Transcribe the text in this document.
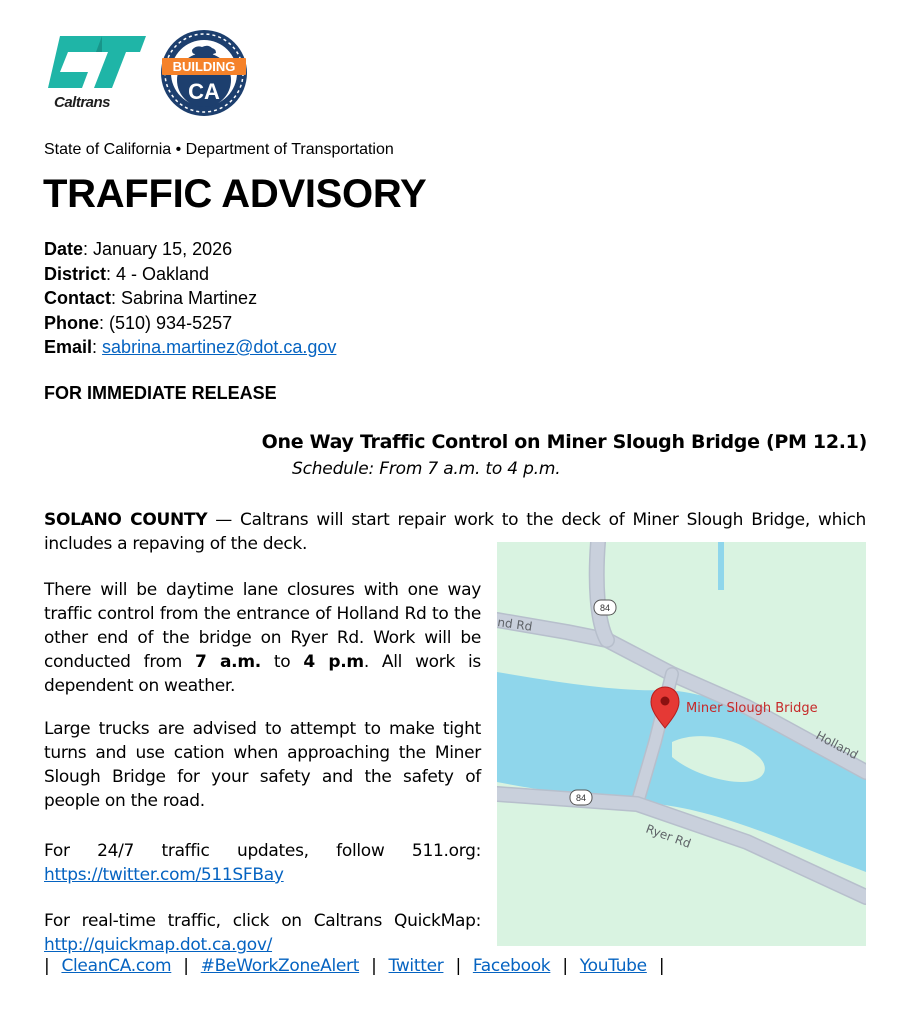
Caltrans
BUILDING
CA
State of California • Department of Transportation
TRAFFIC ADVISORY
Date: January 15, 2026
District: 4 - Oakland
Contact: Sabrina Martinez
Phone: (510) 934-5257
Email: sabrina.martinez@dot.ca.gov
FOR IMMEDIATE RELEASE
One Way Traffic Control on Miner Slough Bridge (PM 12.1)
Schedule: From 7 a.m. to 4 p.m.
SOLANO COUNTY — Caltrans will start repair work to the deck of Miner Slough Bridge, which includes a repaving of the deck.
There will be daytime lane closures with one way traffic control from the entrance of Holland Rd to the other end of the bridge on Ryer Rd. Work will be conducted from 7 a.m. to 4 p.m. All work is dependent on weather.
Large trucks are advised to attempt to make tight turns and use cation when approaching the Miner Slough Bridge for your safety and the safety of people on the road.
For 24/7 traffic updates, follow 511.org: https://twitter.com/511SFBay
For real-time traffic, click on Caltrans QuickMap: http://quickmap.dot.ca.gov/
| CleanCA.com | #BeWorkZoneAlert | Twitter | Facebook | YouTube |
84
84
nd Rd
Holland
Ryer Rd
Miner Slough Bridge
